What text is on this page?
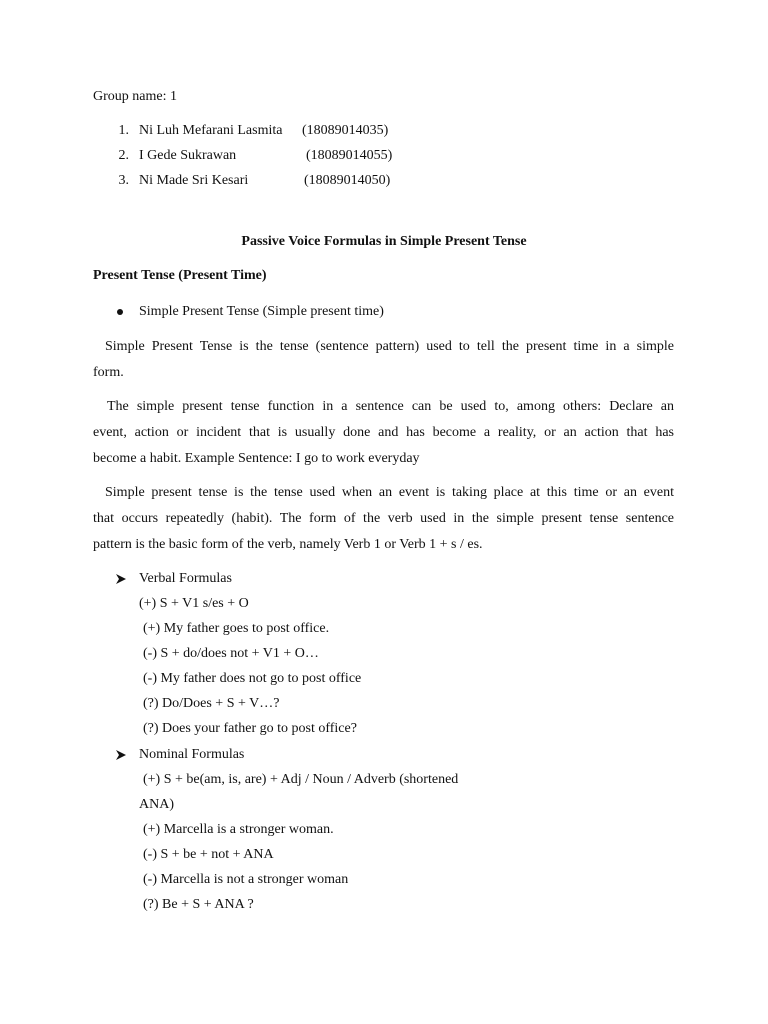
Group name: 1
1. Ni Luh Mefarani Lasmita (18089014035)
2. I Gede Sukrawan	(18089014055)
3. Ni Made Sri Kesari	(18089014050)
Passive Voice Formulas in Simple Present Tense
Present Tense (Present Time)
Simple Present Tense (Simple present time)
Simple Present Tense is the tense (sentence pattern) used to tell the present time in a simple
form.
The simple present tense function in a sentence can be used to, among others: Declare an
event, action or incident that is usually done and has become a reality, or an action that has
become a habit. Example Sentence: I go to work everyday
Simple present tense is the tense used when an event is taking place at this time or an event
that occurs repeatedly (habit). The form of the verb used in the simple present tense sentence
pattern is the basic form of the verb, namely Verb 1 or Verb 1 + s / es.
Verbal Formulas
(+) S + V1 s/es + O
(+) My father goes to post office.
(-) S + do/does not + V1 + O…
(-) My father does not go to post office
(?) Do/Does + S + V…?
(?) Does your father go to post office?
Nominal Formulas
(+) S + be(am, is, are) + Adj / Noun / Adverb (shortened
ANA)
(+) Marcella is a stronger woman.
(-) S + be + not + ANA
(-) Marcella is not a stronger woman
(?) Be + S + ANA ?
